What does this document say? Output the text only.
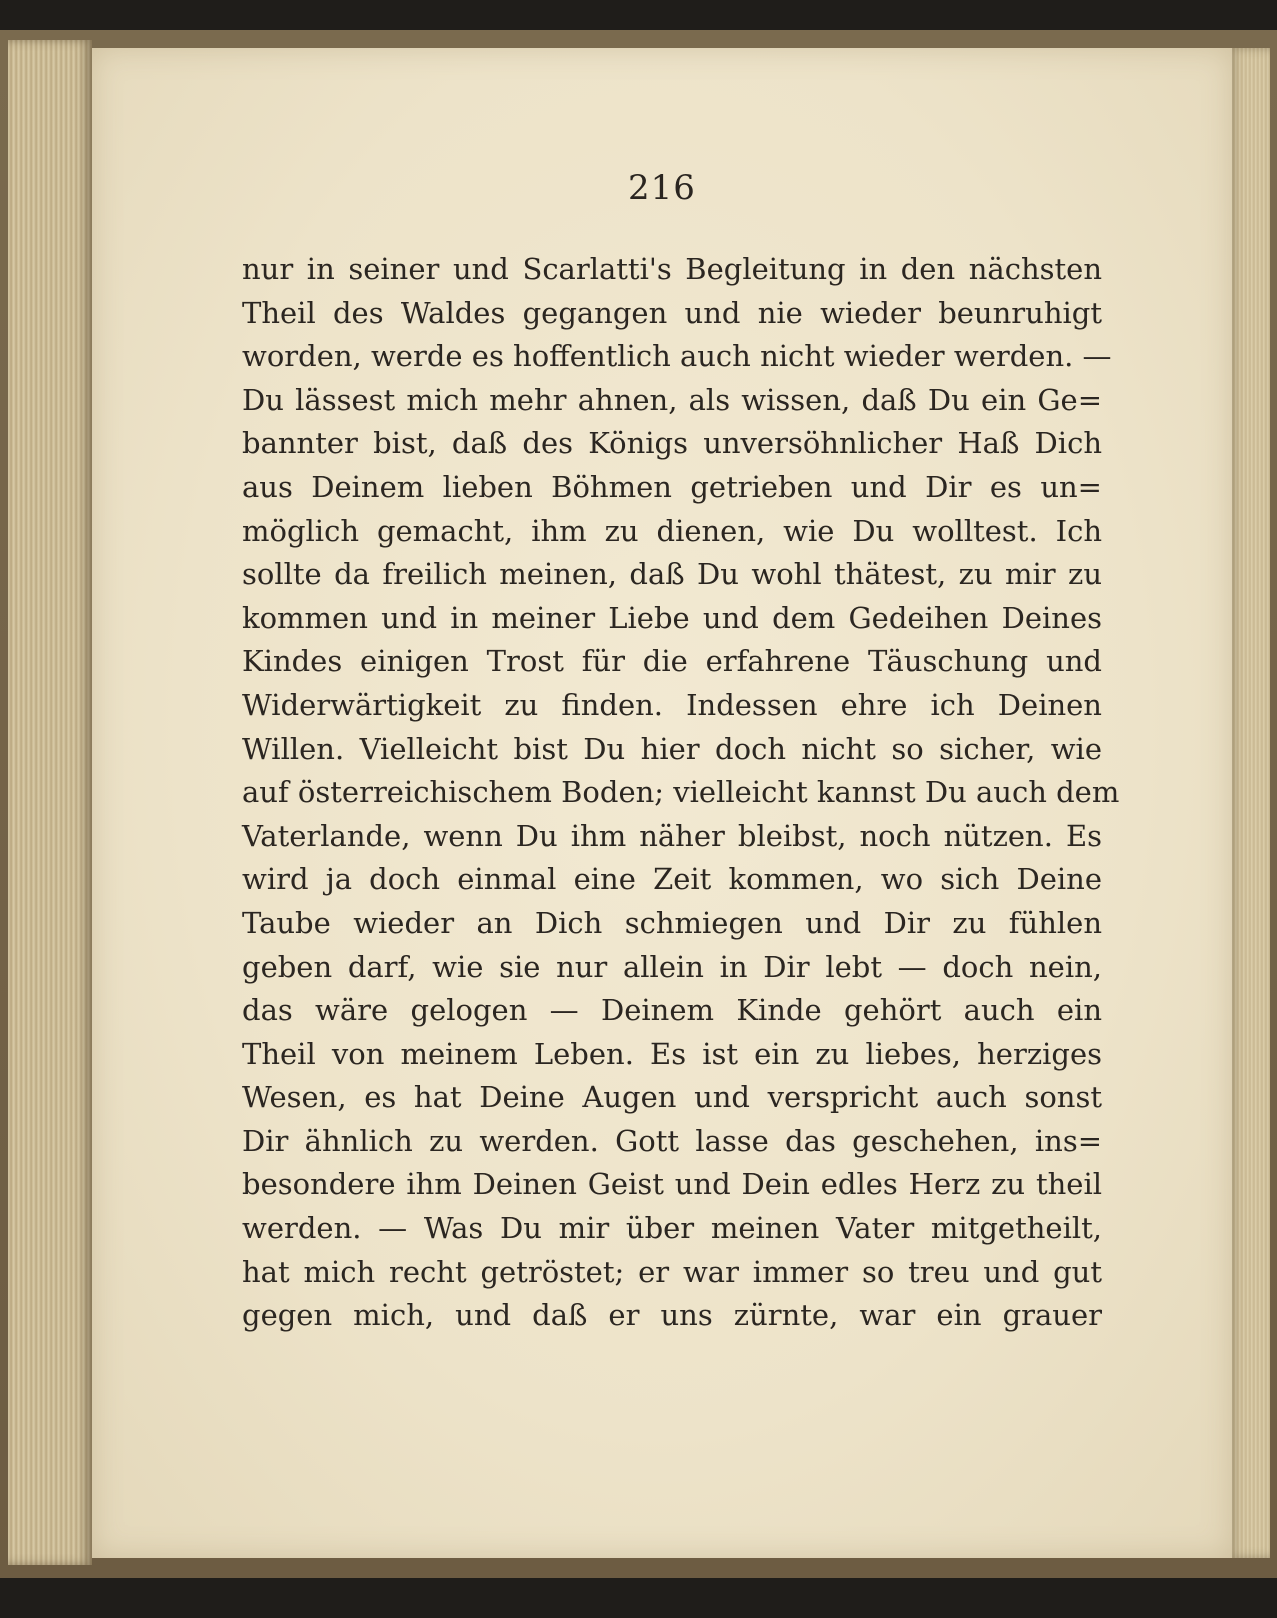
216
nur in seiner und Scarlatti's Begleitung in den nächsten
Theil des Waldes gegangen und nie wieder beunruhigt
worden, werde es hoffentlich auch nicht wieder werden. —
Du lässest mich mehr ahnen, als wissen, daß Du ein Ge=
bannter bist, daß des Königs unversöhnlicher Haß Dich
aus Deinem lieben Böhmen getrieben und Dir es un=
möglich gemacht, ihm zu dienen, wie Du wolltest. Ich
sollte da freilich meinen, daß Du wohl thätest, zu mir zu
kommen und in meiner Liebe und dem Gedeihen Deines
Kindes einigen Trost für die erfahrene Täuschung und
Widerwärtigkeit zu finden. Indessen ehre ich Deinen
Willen. Vielleicht bist Du hier doch nicht so sicher, wie
auf österreichischem Boden; vielleicht kannst Du auch dem
Vaterlande, wenn Du ihm näher bleibst, noch nützen. Es
wird ja doch einmal eine Zeit kommen, wo sich Deine
Taube wieder an Dich schmiegen und Dir zu fühlen
geben darf, wie sie nur allein in Dir lebt — doch nein,
das wäre gelogen — Deinem Kinde gehört auch ein
Theil von meinem Leben. Es ist ein zu liebes, herziges
Wesen, es hat Deine Augen und verspricht auch sonst
Dir ähnlich zu werden. Gott lasse das geschehen, ins=
besondere ihm Deinen Geist und Dein edles Herz zu theil
werden. — Was Du mir über meinen Vater mitgetheilt,
hat mich recht getröstet; er war immer so treu und gut
gegen mich, und daß er uns zürnte, war ein grauer
